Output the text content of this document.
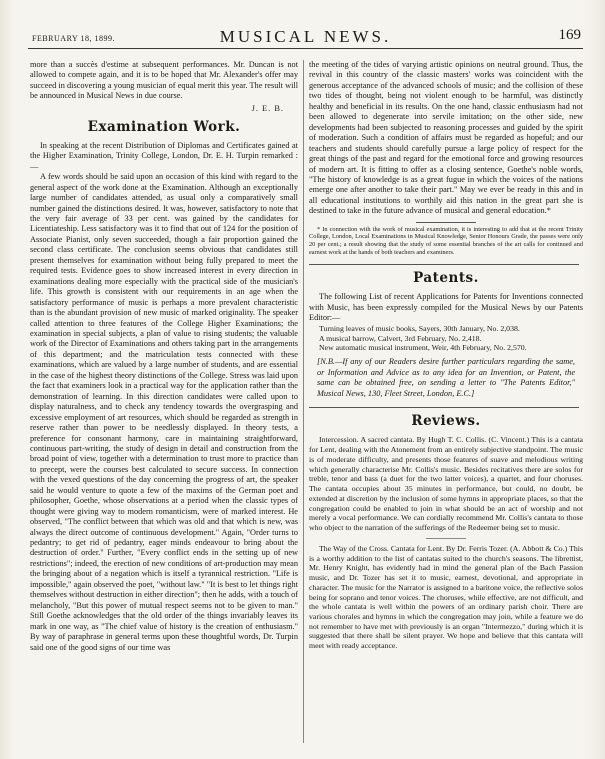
FEBRUARY 18, 1899.	MUSICAL NEWS.	169

more than a succès d'estime at subsequent performances. Mr. Duncan is not allowed to compete again, and it is to be hoped that Mr. Alexander's offer may succeed in discovering a young musician of equal merit this year. The result will be announced in Musical News in due course.

J. E. B.
Examination Work.

In speaking at the recent Distribution of Diplomas and Certificates gained at the Higher Examination, Trinity College, London, Dr. E. H. Turpin remarked :—

A few words should be said upon an occasion of this kind with regard to the general aspect of the work done at the Examination. Although an exceptionally large number of candidates attended, as usual only a comparatively small number gained the distinctions desired. It was, however, satisfactory to note that the very fair average of 33 per cent. was gained by the candidates for Licentiateship. Less satisfactory was it to find that out of 124 for the position of Associate Pianist, only seven succeeded, though a fair proportion gained the second class certificate. The conclusion seems obvious that candidates still present themselves for examination without being fully prepared to meet the required tests. Evidence goes to show increased interest in every direction in examinations dealing more especially with the practical side of the musician's life. This growth is consistent with our requirements in an age when the satisfactory performance of music is perhaps a more prevalent characteristic than is the abundant provision of new music of marked originality. The speaker called attention to three features of the College Higher Examinations; the examination in special subjects, a plan of value to rising students; the valuable work of the Director of Examinations and others taking part in the arrangements of this department; and the matriculation tests connected with these examinations, which are valued by a large number of students, and are essential in the case of the highest theory distinctions of the College. Stress was laid upon the fact that examiners look in a practical way for the application rather than the demonstration of learning. In this direction candidates were called upon to display naturalness, and to check any tendency towards the overgrasping and excessive employment of art resources, which should be regarded as strength in reserve rather than power to be needlessly displayed. In theory tests, a preference for consonant harmony, care in maintaining straightforward, continuous part-writing, the study of design in detail and construction from the broad point of view, together with a determination to trust more to practice than to precept, were the courses best calculated to secure success. In connection with the vexed questions of the day concerning the progress of art, the speaker said he would venture to quote a few of the maxims of the German poet and philosopher, Goethe, whose observations at a period when the classic types of thought were giving way to modern romanticism, were of marked interest. He observed, "The conflict between that which was old and that which is new, was always the direct outcome of continuous development." Again, "Order turns to pedantry; to get rid of pedantry, eager minds endeavour to bring about the destruction of order." Further, "Every conflict ends in the setting up of new restrictions"; indeed, the erection of new conditions of art-production may mean the bringing about of a negation which is itself a tyrannical restriction. "Life is impossible," again observed the poet, "without law." "It is best to let things right themselves without destruction in either direction"; then he adds, with a touch of melancholy, "But this power of mutual respect seems not to be given to man." Still Goethe acknowledges that the old order of the things invariably leaves its mark in one way, as "The chief value of history is the creation of enthusiasm." By way of paraphrase in general terms upon these thoughtful words, Dr. Turpin said one of the good signs of our time was

the meeting of the tides of varying artistic opinions on neutral ground. Thus, the revival in this country of the classic masters' works was coincident with the generous acceptance of the advanced schools of music; and the collision of these two tides of thought, being not violent enough to be harmful, was distinctly healthy and beneficial in its results. On the one hand, classic enthusiasm had not been allowed to degenerate into servile imitation; on the other side, new developments had been subjected to reasoning processes and guided by the spirit of moderation. Such a condition of affairs must be regarded as hopeful; and our teachers and students should carefully pursue a large policy of respect for the great things of the past and regard for the emotional force and growing resources of modern art. It is fitting to offer as a closing sentence, Goethe's noble words, "The history of knowledge is as a great fugue in which the voices of the nations emerge one after another to take their part." May we ever be ready in this and in all educational institutions to worthily aid this nation in the great part she is destined to take in the future advance of musical and general education.*

* In connection with the work of musical examination, it is interesting to add that at the recent Trinity College, London, Local Examinations in Musical Knowledge, Senior Honours Grade, the passes were only 20 per cent.; a result showing that the study of some essential branches of the art calls for continued and earnest work at the hands of both teachers and examiners.

Patents.

The following List of recent Applications for Patents for Inventions connected with Music, has been expressly compiled for the Musical News by our Patents Editor:—

Turning leaves of music books, Sayers, 30th January, No. 2,038.

A musical barrow, Calvert, 3rd February, No. 2,418.

New automatic musical instrument, Weir, 4th February, No. 2,570.

[N.B.—If any of our Readers desire further particulars regarding the same, or Information and Advice as to any idea for an Invention, or Patent, the same can be obtained free, on sending a letter to "The Patents Editor," Musical News, 130, Fleet Street, London, E.C.]
Reviews.

Intercession. A sacred cantata. By Hugh T. C. Collis. (C. Vincent.) This is a cantata for Lent, dealing with the Atonement from an entirely subjective standpoint. The music is of moderate difficulty, and presents those features of suave and melodious writing which generally characterise Mr. Collis's music. Besides recitatives there are solos for treble, tenor and bass (a duet for the two latter voices), a quartet, and four choruses. The cantata occupies about 35 minutes in performance, but could, no doubt, be extended at discretion by the inclusion of some hymns in appropriate places, so that the congregation could be enabled to join in what should be an act of worship and not merely a vocal performance. We can cordially recommend Mr. Collis's cantata to those who object to the narration of the sufferings of the Redeemer being set to music.

The Way of the Cross. Cantata for Lent. By Dr. Ferris Tozer. (A. Abbott & Co.) This is a worthy addition to the list of cantatas suited to the church's seasons. The librettist, Mr. Henry Knight, has evidently had in mind the general plan of the Bach Passion music, and Dr. Tozer has set it to music, earnest, devotional, and appropriate in character. The music for the Narrator is assigned to a baritone voice, the reflective solos being for soprano and tenor voices. The choruses, while effective, are not difficult, and the whole cantata is well within the powers of an ordinary parish choir. There are various chorales and hymns in which the congregation may join, while a feature we do not remember to have met with previously is an organ "Intermezzo," during which it is suggested that there shall be silent prayer. We hope and believe that this cantata will meet with ready acceptance.
